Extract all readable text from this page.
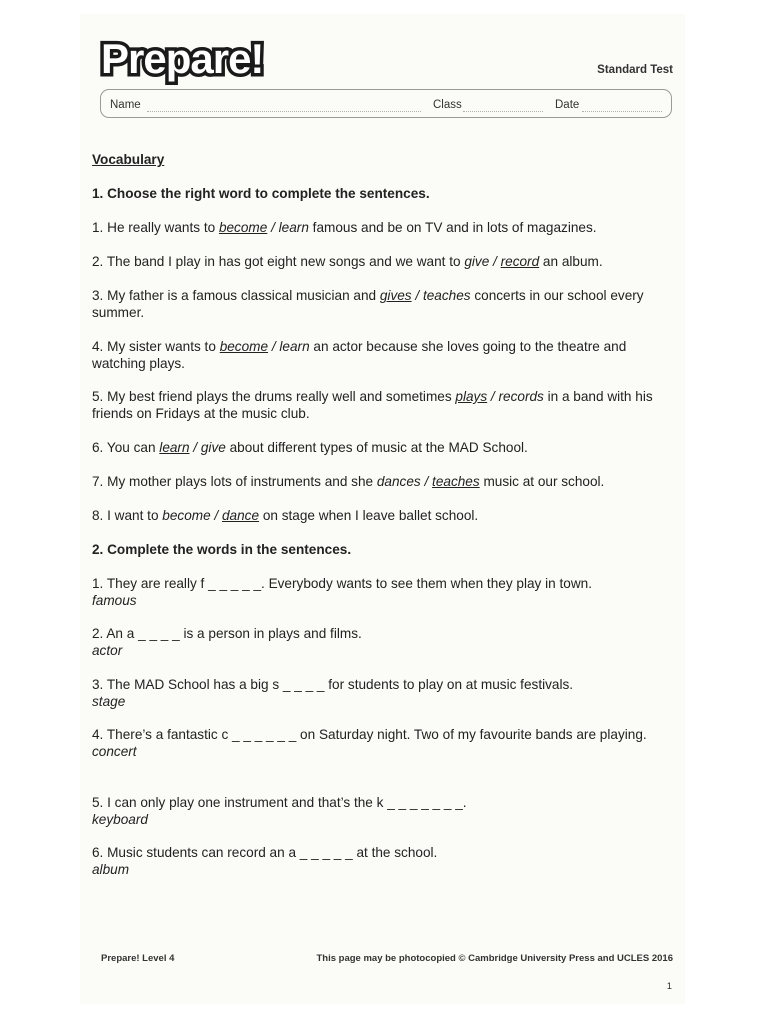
Prepare!	Standard Test
Name	Class	Date
Vocabulary
1. Choose the right word to complete the sentences.
1. He really wants to become / learn famous and be on TV and in lots of magazines.
2. The band I play in has got eight new songs and we want to give / record an album.
3. My father is a famous classical musician and gives / teaches concerts in our school every summer.
4. My sister wants to become / learn an actor because she loves going to the theatre and watching plays.
5. My best friend plays the drums really well and sometimes plays / records in a band with his friends on Fridays at the music club.
6. You can learn / give about different types of music at the MAD School.
7. My mother plays lots of instruments and she dances / teaches music at our school.
8. I want to become / dance on stage when I leave ballet school.
2. Complete the words in the sentences.
1. They are really f _ _ _ _ _. Everybody wants to see them when they play in town.
famous
2. An a _ _ _ _ is a person in plays and films.
actor
3. The MAD School has a big s _ _ _ _ for students to play on at music festivals.
stage
4. There’s a fantastic c _ _ _ _ _ _ on Saturday night. Two of my favourite bands are playing.
concert
5. I can only play one instrument and that’s the k _ _ _ _ _ _ _.
keyboard
6. Music students can record an a _ _ _ _ _ at the school.
album
Prepare! Level 4	This page may be photocopied © Cambridge University Press and UCLES 2016
1
